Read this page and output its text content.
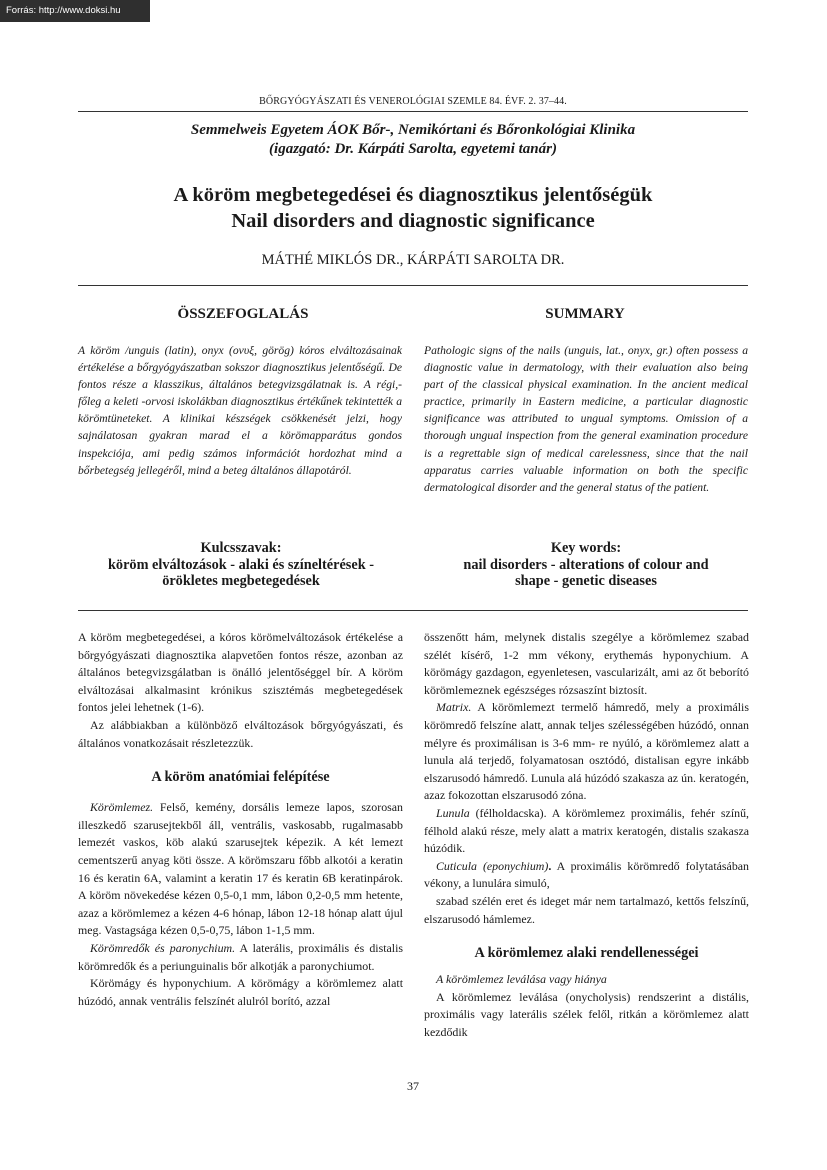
Forrás: http://www.doksi.hu
BŐRGYÓGYÁSZATI ÉS VENEROLÓGIAI SZEMLE 84. ÉVF. 2. 37–44.
Semmelweis Egyetem ÁOK Bőr-, Nemikórtani és Bőronkológiai Klinika
(igazgató: Dr. Kárpáti Sarolta, egyetemi tanár)
A köröm megbetegedései és diagnosztikus jelentőségük
Nail disorders and diagnostic significance
MÁTHÉ MIKLÓS DR., KÁRPÁTI SAROLTA DR.
ÖSSZEFOGLALÁS	SUMMARY
A köröm /unguis (latin), onyx (ονυξ, görög) kóros elváltozásainak értékelése a bőrgyógyászatban sokszor diagnosztikus jelentőségű. De fontos része a klasszikus, általános betegvizsgálatnak is. A régi,- főleg a keleti -orvosi iskolákban diagnosztikus értékűnek tekintették a körömtüneteket. A klinikai készségek csökkenését jelzi, hogy sajnálatosan gyakran marad el a körömapparátus gondos inspekciója, ami pedig számos információt hordozhat mind a bőrbetegség jellegéről, mind a beteg általános állapotáról.
Pathologic signs of the nails (unguis, lat., onyx, gr.) often possess a diagnostic value in dermatology, with their evaluation also being part of the classical physical examination. In the ancient medical practice, primarily in Eastern medicine, a particular diagnostic significance was attributed to ungual symptoms. Omission of a thorough ungual inspection from the general examination procedure is a regrettable sign of medical carelessness, since that the nail apparatus carries valuable information on both the specific dermatological disorder and the general status of the patient.
Kulcsszavak:
köröm elváltozások - alaki és színeltérések -
örökletes megbetegedések
Key words:
nail disorders - alterations of colour and
shape - genetic diseases

A köröm megbetegedései, a kóros körömelváltozások értékelése a bőrgyógyászati diagnosztika alapvetően fontos része, azonban az általános betegvizsgálatban is önálló jelentőséggel bír. A köröm elváltozásai alkalmasint krónikus szisztémás megbetegedések fontos jelei lehetnek (1-6).

Az alábbiakban a különböző elváltozások bőrgyógyászati, és általános vonatkozásait részletezzük.

A köröm anatómiai felépítése

Körömlemez. Felső, kemény, dorsális lemeze lapos, szorosan illeszkedő szarusejtekből áll, ventrális, vaskosabb, rugalmasabb lemezét vaskos, köb alakú szarusejtek képezik. A két lemezt cementszerű anyag köti össze. A körömszaru főbb alkotói a keratin 16 és keratin 6A, valamint a keratin 17 és keratin 6B keratinpárok. A köröm növekedése kézen 0,5-0,1 mm, lábon 0,2-0,5 mm hetente, azaz a körömlemez a kézen 4-6 hónap, lábon 12-18 hónap alatt újul meg. Vastagsága kézen 0,5-0,75, lábon 1-1,5 mm.

Körömredők és paronychium. A laterális, proximális és distalis körömredők és a periunguinalis bőr alkotják a paronychiumot.

Körömágy és hyponychium. A körömágy a körömlemez alatt húzódó, annak ventrális felszínét alulról borító, azzal

összenőtt hám, melynek distalis szegélye a körömlemez szabad szélét kísérő, 1-2 mm vékony, erythemás hyponychium. A körömágy gazdagon, egyenletesen, vascularizált, ami az őt beborító körömlemeznek egészséges rózsaszínt biztosít.

Matrix. A körömlemezt termelő hámredő, mely a proximális körömredő felszíne alatt, annak teljes szélességében húzódó, onnan mélyre és proximálisan is 3-6 mm- re nyúló, a körömlemez alatt a lunula alá terjedő, folyamatosan osztódó, distalisan egyre inkább elszarusodó hámredő. Lunula alá húzódó szakasza az ún. keratogén, azaz fokozottan elszarusodó zóna.

Lunula (félholdacska). A körömlemez proximális, fehér színű, félhold alakú része, mely alatt a matrix keratogén, distalis szakasza húzódik.

Cuticula (eponychium). A proximális körömredő folytatásában vékony, a lunulára simuló,

szabad szélén eret és ideget már nem tartalmazó, kettős felszínű, elszarusodó hámlemez.

A körömlemez alaki rendellenességei

A körömlemez leválása vagy hiánya

A körömlemez leválása (onycholysis) rendszerint a distális, proximális vagy laterális szélek felől, ritkán a körömlemez alatt kezdődik

37
